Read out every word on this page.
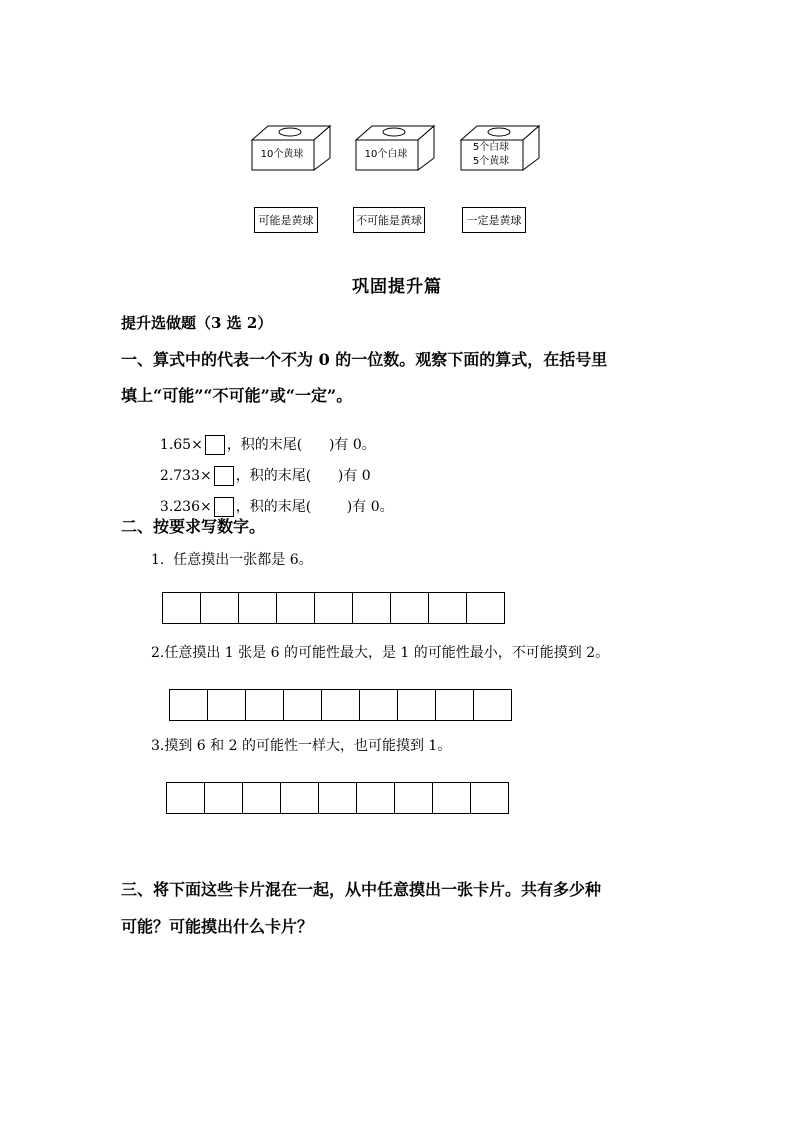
10个黄球	10个白球
5个白球
5个黄球
可能是黄球	不可能是黄球	一定是黄球
巩固提升篇
提升选做题（3 选 2）
一、算式中的代表一个不为 0 的一位数。观察下面的算式，在括号里
填上“可能”“不可能”或“一定”。

1.65× ，积的末尾(      )有 0。

2.733× ，积的末尾(      )有 0

3.236× ，积的末尾(        )有 0。

二、按要求写数字。
1.  任意摸出一张都是 6。
2.任意摸出 1 张是 6 的可能性最大，是 1 的可能性最小，不可能摸到 2。
3.摸到 6 和 2 的可能性一样大，也可能摸到 1。
三、将下面这些卡片混在一起，从中任意摸出一张卡片。共有多少种
可能？可能摸出什么卡片？
